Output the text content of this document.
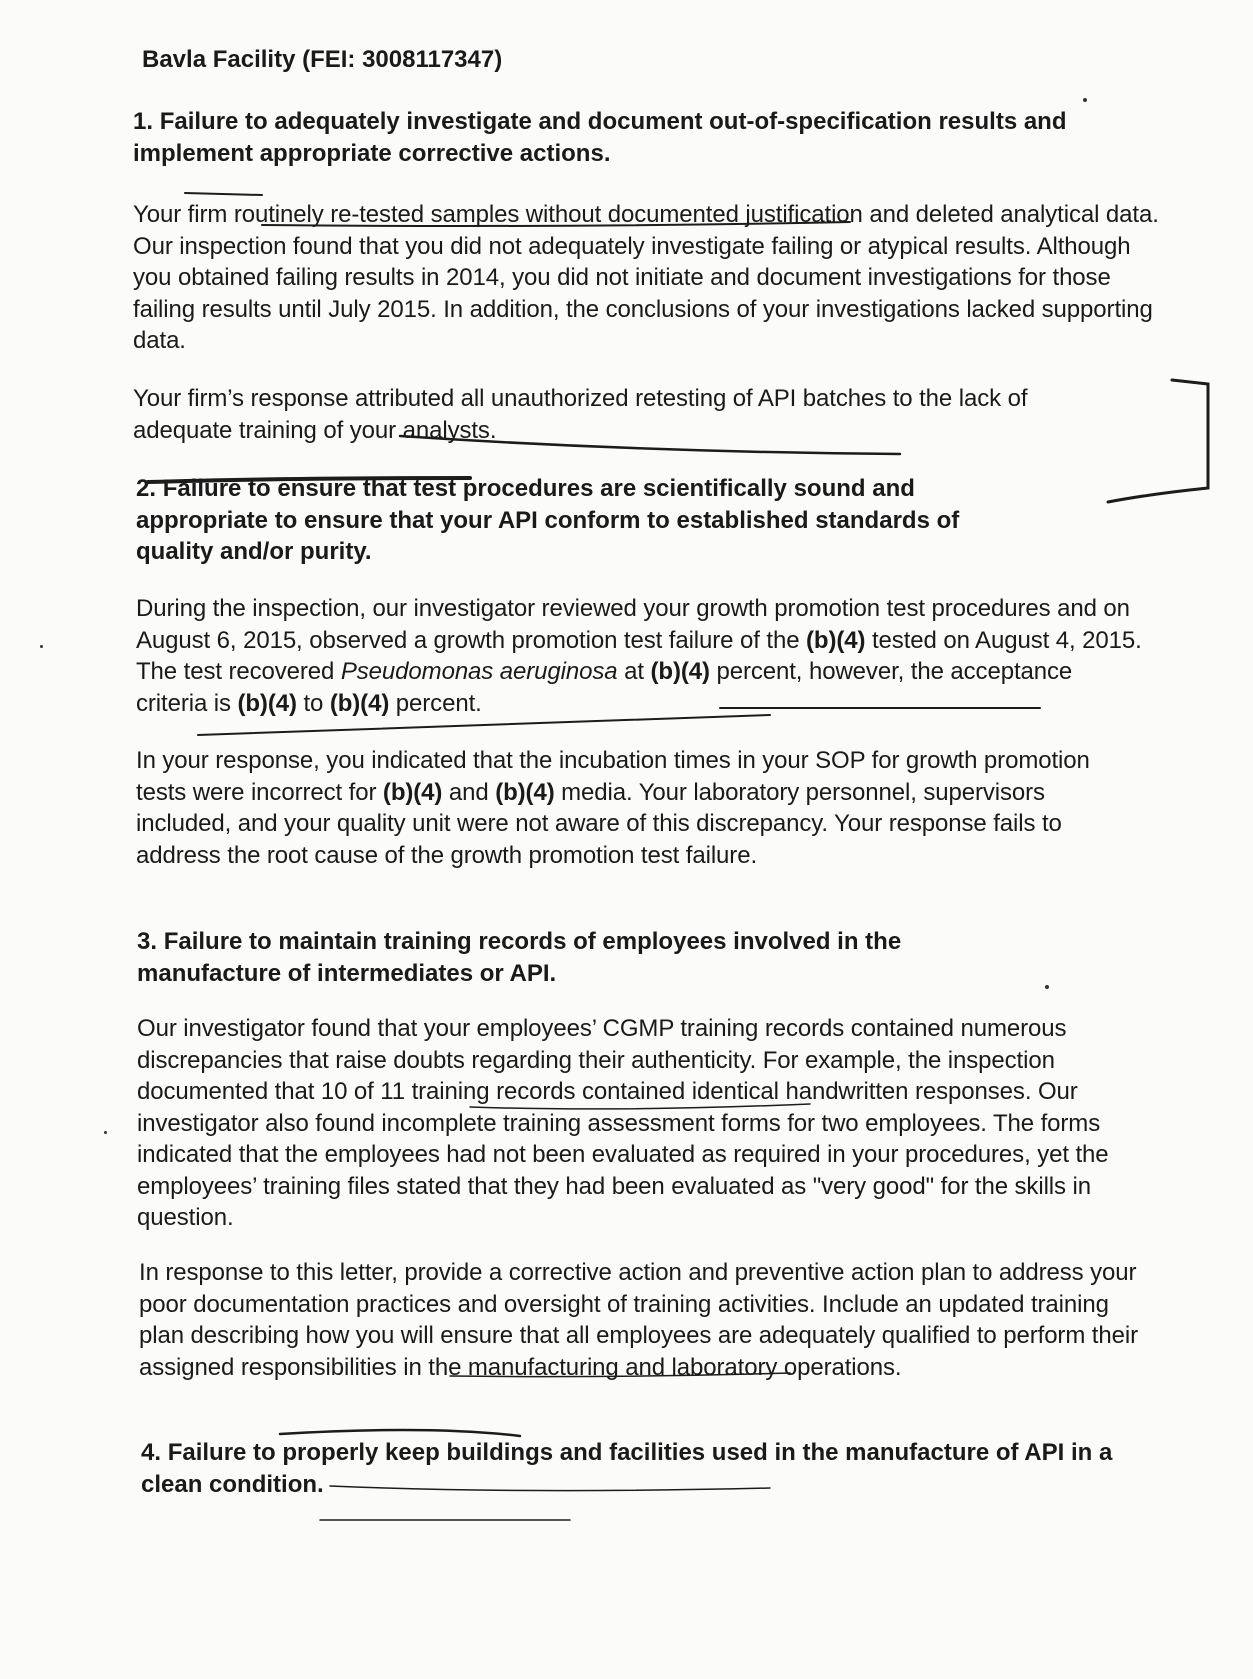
Bavla Facility (FEI: 3008117347)
1. Failure to adequately investigate and document out-of-specification results and implement appropriate corrective actions.
Your firm routinely re-tested samples without documented justification and deleted analytical data. Our inspection found that you did not adequately investigate failing or atypical results. Although you obtained failing results in 2014, you did not initiate and document investigations for those failing results until July 2015. In addition, the conclusions of your investigations lacked supporting data.
Your firm’s response attributed all unauthorized retesting of API batches to the lack of adequate training of your analysts.
2. Failure to ensure that test procedures are scientifically sound and appropriate to ensure that your API conform to established standards of quality and/or purity.
During the inspection, our investigator reviewed your growth promotion test procedures and on August 6, 2015, observed a growth promotion test failure of the (b)(4) tested on August 4, 2015. The test recovered Pseudomonas aeruginosa at (b)(4) percent, however, the acceptance criteria is (b)(4) to (b)(4) percent.
In your response, you indicated that the incubation times in your SOP for growth promotion tests were incorrect for (b)(4) and (b)(4) media. Your laboratory personnel, supervisors included, and your quality unit were not aware of this discrepancy. Your response fails to address the root cause of the growth promotion test failure.
3. Failure to maintain training records of employees involved in the manufacture of intermediates or API.
Our investigator found that your employees’ CGMP training records contained numerous discrepancies that raise doubts regarding their authenticity. For example, the inspection documented that 10 of 11 training records contained identical handwritten responses. Our investigator also found incomplete training assessment forms for two employees. The forms indicated that the employees had not been evaluated as required in your procedures, yet the employees’ training files stated that they had been evaluated as "very good" for the skills in question.
In response to this letter, provide a corrective action and preventive action plan to address your poor documentation practices and oversight of training activities. Include an updated training plan describing how you will ensure that all employees are adequately qualified to perform their assigned responsibilities in the manufacturing and laboratory operations.
4. Failure to properly keep buildings and facilities used in the manufacture of API in a clean condition.
